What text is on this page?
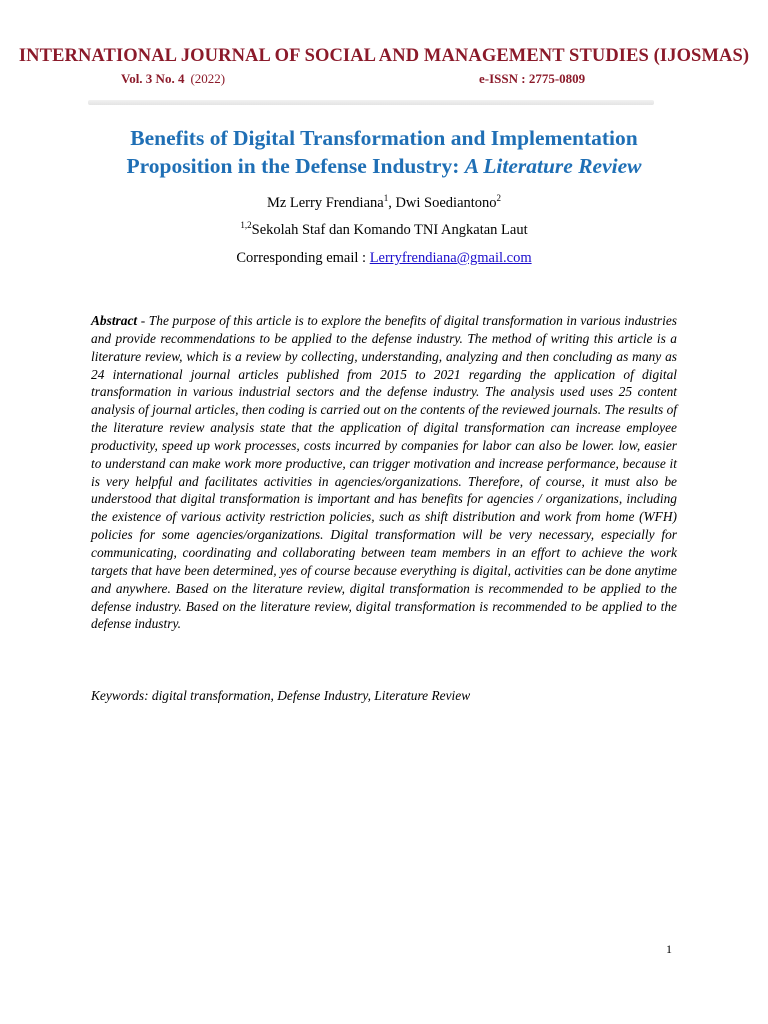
INTERNATIONAL JOURNAL OF SOCIAL AND MANAGEMENT STUDIES (IJOSMAS)
Vol. 3 No. 4 (2022)	e-ISSN : 2775-0809
Benefits of Digital Transformation and Implementation
Proposition in the Defense Industry: A Literature Review
Mz Lerry Frendiana$^1$, Dwi Soediantono$^2$
$^{1,2}$Sekolah Staf dan Komando TNI Angkatan Laut
Corresponding email : Lerryfrendiana@gmail.com

Abstract - The purpose of this article is to explore the benefits of digital transformation in various industries and provide recommendations to be applied to the defense industry. The method of writing this article is a literature review, which is a review by collecting, understanding, analyzing and then concluding as many as 24 international journal articles published from 2015 to 2021 regarding the application of digital transformation in various industrial sectors and the defense industry. The analysis used uses 25 content analysis of journal articles, then coding is carried out on the contents of the reviewed journals. The results of the literature review analysis state that the application of digital transformation can increase employee productivity, speed up work processes, costs incurred by companies for labor can also be lower. low, easier to understand can make work more productive, can trigger motivation and increase performance, because it is very helpful and facilitates activities in agencies/organizations. Therefore, of course, it must also be understood that digital transformation is important and has benefits for agencies / organizations, including the existence of various activity restriction policies, such as shift distribution and work from home (WFH) policies for some agencies/organizations. Digital transformation will be very necessary, especially for communicating, coordinating and collaborating between team members in an effort to achieve the work targets that have been determined, yes of course because everything is digital, activities can be done anytime and anywhere. Based on the literature review, digital transformation is recommended to be applied to the defense industry. Based on the literature review, digital transformation is recommended to be applied to the defense industry.

Keywords: digital transformation, Defense Industry, Literature Review

1
